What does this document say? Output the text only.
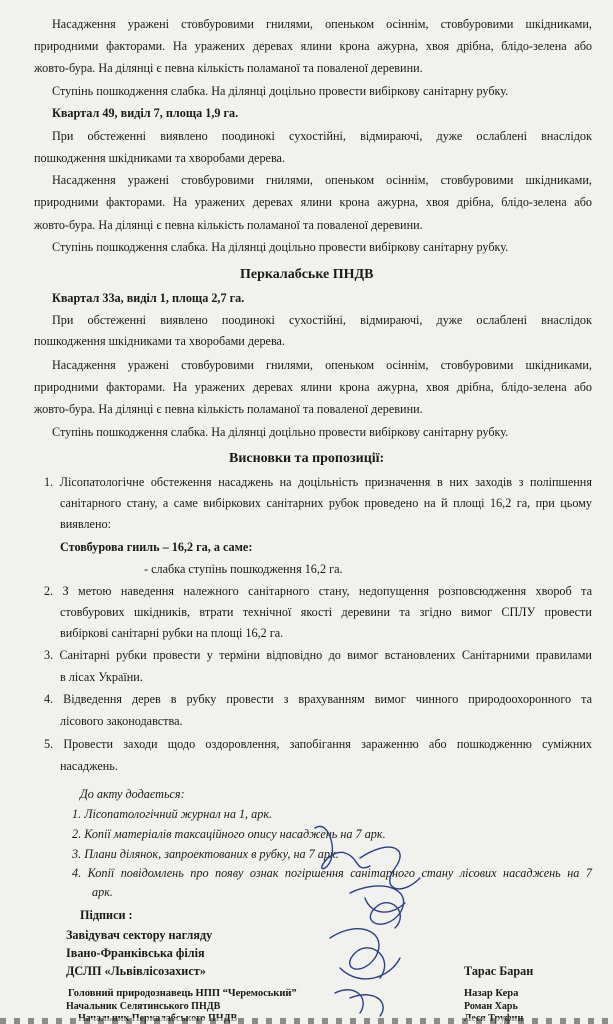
Насадження уражені стовбуровими гнилями, опеньком осіннім, стовбуровими шкідниками,
природними факторами. На уражених деревах ялини крона ажурна, хвоя дрібна, блідо-зелена або
жовто-бура. На ділянці є певна кількість поламаної та поваленої деревини.
Ступінь пошкодження слабка. На ділянці доцільно провести вибіркову санітарну рубку.
Квартал 49, виділ 7, площа 1,9 га.
При обстеженні виявлено поодинокі сухостійні, відмираючі, дуже ослаблені внаслідок
пошкодження шкідниками та хворобами дерева.
Насадження уражені стовбуровими гнилями, опеньком осіннім, стовбуровими шкідниками,
природними факторами. На уражених деревах ялини крона ажурна, хвоя дрібна, блідо-зелена або
жовто-бура. На ділянці є певна кількість поламаної та поваленої деревини.
Ступінь пошкодження слабка. На ділянці доцільно провести вибіркову санітарну рубку.
Перкалабське ПНДВ
Квартал 33а, виділ 1, площа 2,7 га.
При обстеженні виявлено поодинокі сухостійні, відмираючі, дуже ослаблені внаслідок
пошкодження шкідниками та хворобами дерева.
Насадження уражені стовбуровими гнилями, опеньком осіннім, стовбуровими шкідниками,
природними факторами. На уражених деревах ялини крона ажурна, хвоя дрібна, блідо-зелена або
жовто-бура. На ділянці є певна кількість поламаної та поваленої деревини.
Ступінь пошкодження слабка. На ділянці доцільно провести вибіркову санітарну рубку.
Висновки та пропозиції:
1. Лісопатологічне обстеження насаджень на доцільність призначення в них заходів з поліпшення
санітарного стану, а саме вибіркових санітарних рубок проведено на й площі 16,2 га, при цьому
виявлено:
Стовбурова гниль – 16,2 га, а саме:
- слабка ступінь пошкодження 16,2 га.
2. З метою наведення належного санітарного стану, недопущення розповсюдження хвороб та
стовбурових шкідників, втрати технічної якості деревини та згідно вимог СПЛУ провести
вибіркові санітарні рубки на площі 16,2 га.
3. Санітарні рубки провести у терміни відповідно до вимог встановлених Санітарними правилами
в лісах України.
4. Відведення дерев в рубку провести з врахуванням вимог чинного природоохоронного та
лісового законодавства.
5. Провести заходи щодо оздоровлення, запобігання зараженню або пошкодженню суміжних
насаджень.
До акту додається:
1. Лісопатологічний журнал на 1, арк.
2. Копії матеріалів таксаційного опису насаджень на 7 арк.
3. Плани ділянок, запроектованих в рубку, на 7 арк.
4. Копії повідомлень про появу ознак погіршення санітарного стану лісових насаджень на 7
арк.
Підпиcи :
Завідувач сектору нагляду
Івано-Франківська філія
ДСЛП «Львівлісозахист»	Тарас Баран
Головний природознавець НПП “Черемоський”	Назар Кера
Начальник Селятинського ПНДВ	Роман Харь
